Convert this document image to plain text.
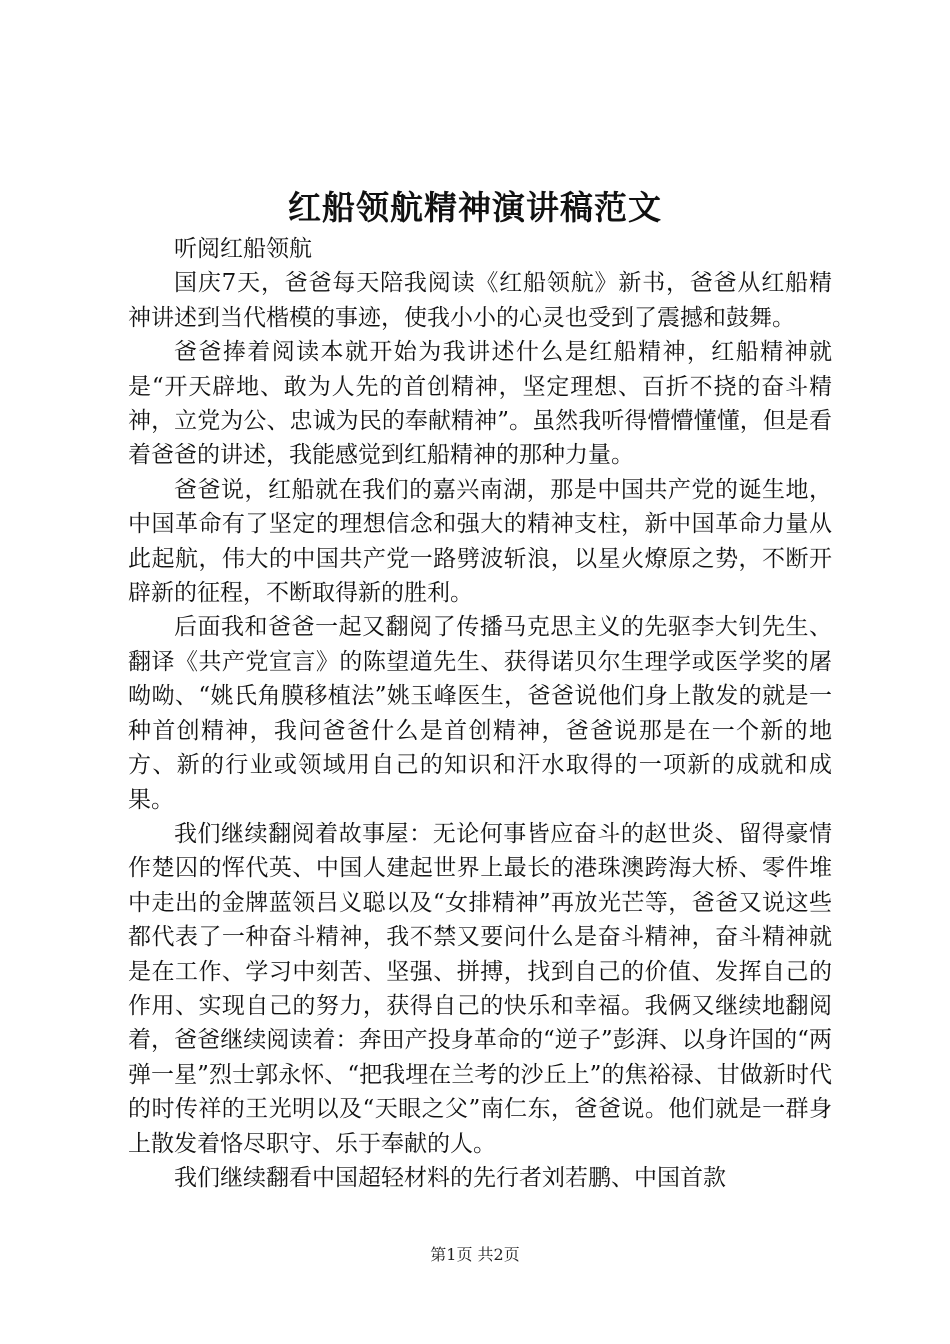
红船领航精神演讲稿范文

听阅红船领航

国庆7天，爸爸每天陪我阅读《红船领航》新书，爸爸从红船精神讲述到当代楷模的事迹，使我小小的心灵也受到了震撼和鼓舞。

爸爸捧着阅读本就开始为我讲述什么是红船精神，红船精神就是“开天辟地、敢为人先的首创精神，坚定理想、百折不挠的奋斗精神，立党为公、忠诚为民的奉献精神”。虽然我听得懵懵懂懂，但是看着爸爸的讲述，我能感觉到红船精神的那种力量。

爸爸说，红船就在我们的嘉兴南湖，那是中国共产党的诞生地，中国革命有了坚定的理想信念和强大的精神支柱，新中国革命力量从此起航，伟大的中国共产党一路劈波斩浪，以星火燎原之势，不断开辟新的征程，不断取得新的胜利。

后面我和爸爸一起又翻阅了传播马克思主义的先驱李大钊先生、翻译《共产党宣言》的陈望道先生、获得诺贝尔生理学或医学奖的屠呦呦、“姚氏角膜移植法”姚玉峰医生，爸爸说他们身上散发的就是一种首创精神，我问爸爸什么是首创精神，爸爸说那是在一个新的地方、新的行业或领域用自己的知识和汗水取得的一项新的成就和成果。

我们继续翻阅着故事屋：无论何事皆应奋斗的赵世炎、留得豪情作楚囚的恽代英、中国人建起世界上最长的港珠澳跨海大桥、零件堆中走出的金牌蓝领吕义聪以及“女排精神”再放光芒等，爸爸又说这些都代表了一种奋斗精神，我不禁又要问什么是奋斗精神，奋斗精神就是在工作、学习中刻苦、坚强、拼搏，找到自己的价值、发挥自己的作用、实现自己的努力，获得自己的快乐和幸福。我俩又继续地翻阅着，爸爸继续阅读着：奔田产投身革命的“逆子”彭湃、以身许国的“两弹一星”烈士郭永怀、“把我埋在兰考的沙丘上”的焦裕禄、甘做新时代的时传祥的王光明以及“天眼之父”南仁东，爸爸说。他们就是一群身上散发着恪尽职守、乐于奉献的人。

我们继续翻看中国超轻材料的先行者刘若鹏、中国首款

第1页 共2页
